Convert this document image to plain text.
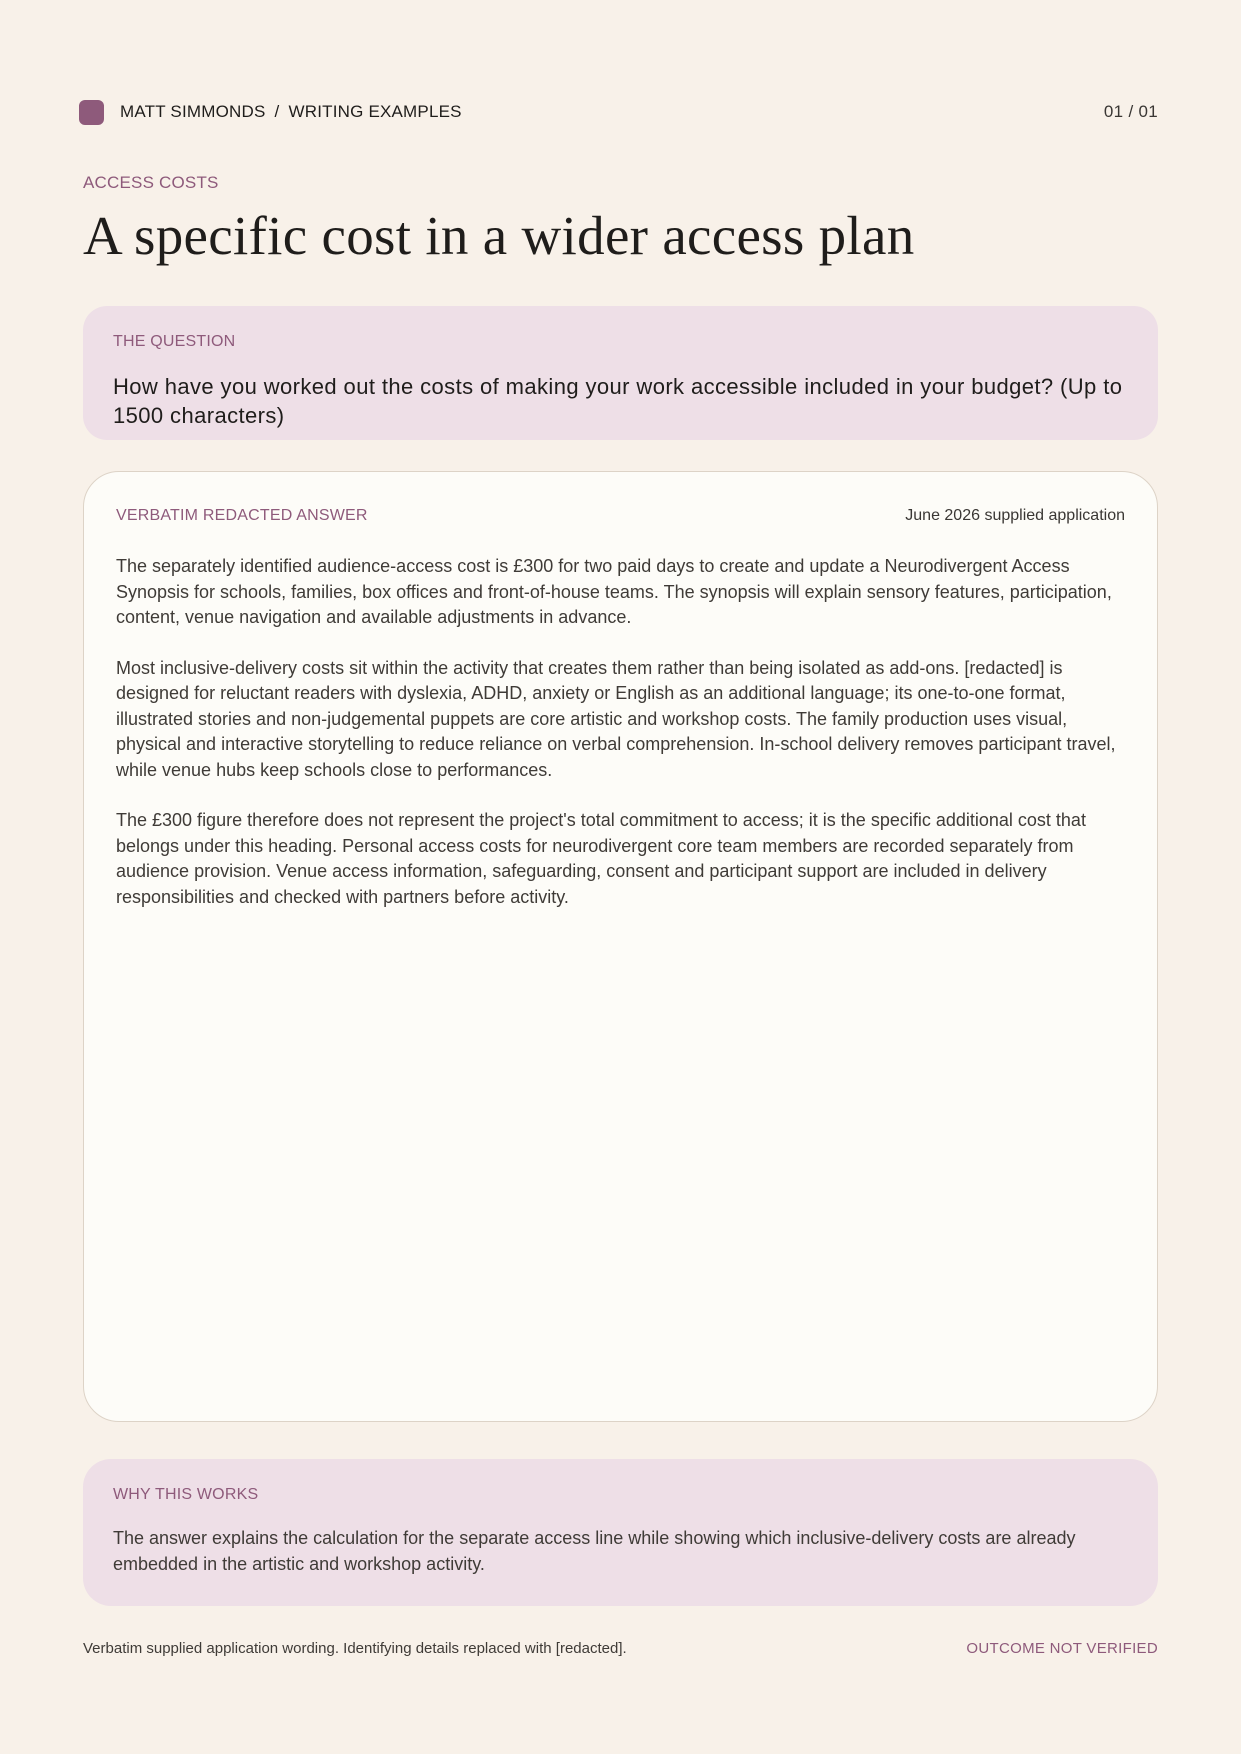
MATT SIMMONDS / WRITING EXAMPLES	01 / 01
ACCESS COSTS
A specific cost in a wider access plan
THE QUESTION
How have you worked out the costs of making your work accessible included in your budget? (Up to 1500 characters)
VERBATIM REDACTED ANSWER	June 2026 supplied application

The separately identified audience-access cost is £300 for two paid days to create and update a Neurodivergent Access Synopsis for schools, families, box offices and front-of-house teams. The synopsis will explain sensory features, participation, content, venue navigation and available adjustments in advance.

Most inclusive-delivery costs sit within the activity that creates them rather than being isolated as add-ons. [redacted] is designed for reluctant readers with dyslexia, ADHD, anxiety or English as an additional language; its one-to-one format, illustrated stories and non-judgemental puppets are core artistic and workshop costs. The family production uses visual, physical and interactive storytelling to reduce reliance on verbal comprehension. In-school delivery removes participant travel, while venue hubs keep schools close to performances.

The £300 figure therefore does not represent the project's total commitment to access; it is the specific additional cost that belongs under this heading. Personal access costs for neurodivergent core team members are recorded separately from audience provision. Venue access information, safeguarding, consent and participant support are included in delivery responsibilities and checked with partners before activity.

WHY THIS WORKS
The answer explains the calculation for the separate access line while showing which inclusive-delivery costs are already embedded in the artistic and workshop activity.
Verbatim supplied application wording. Identifying details replaced with [redacted].	OUTCOME NOT VERIFIED
